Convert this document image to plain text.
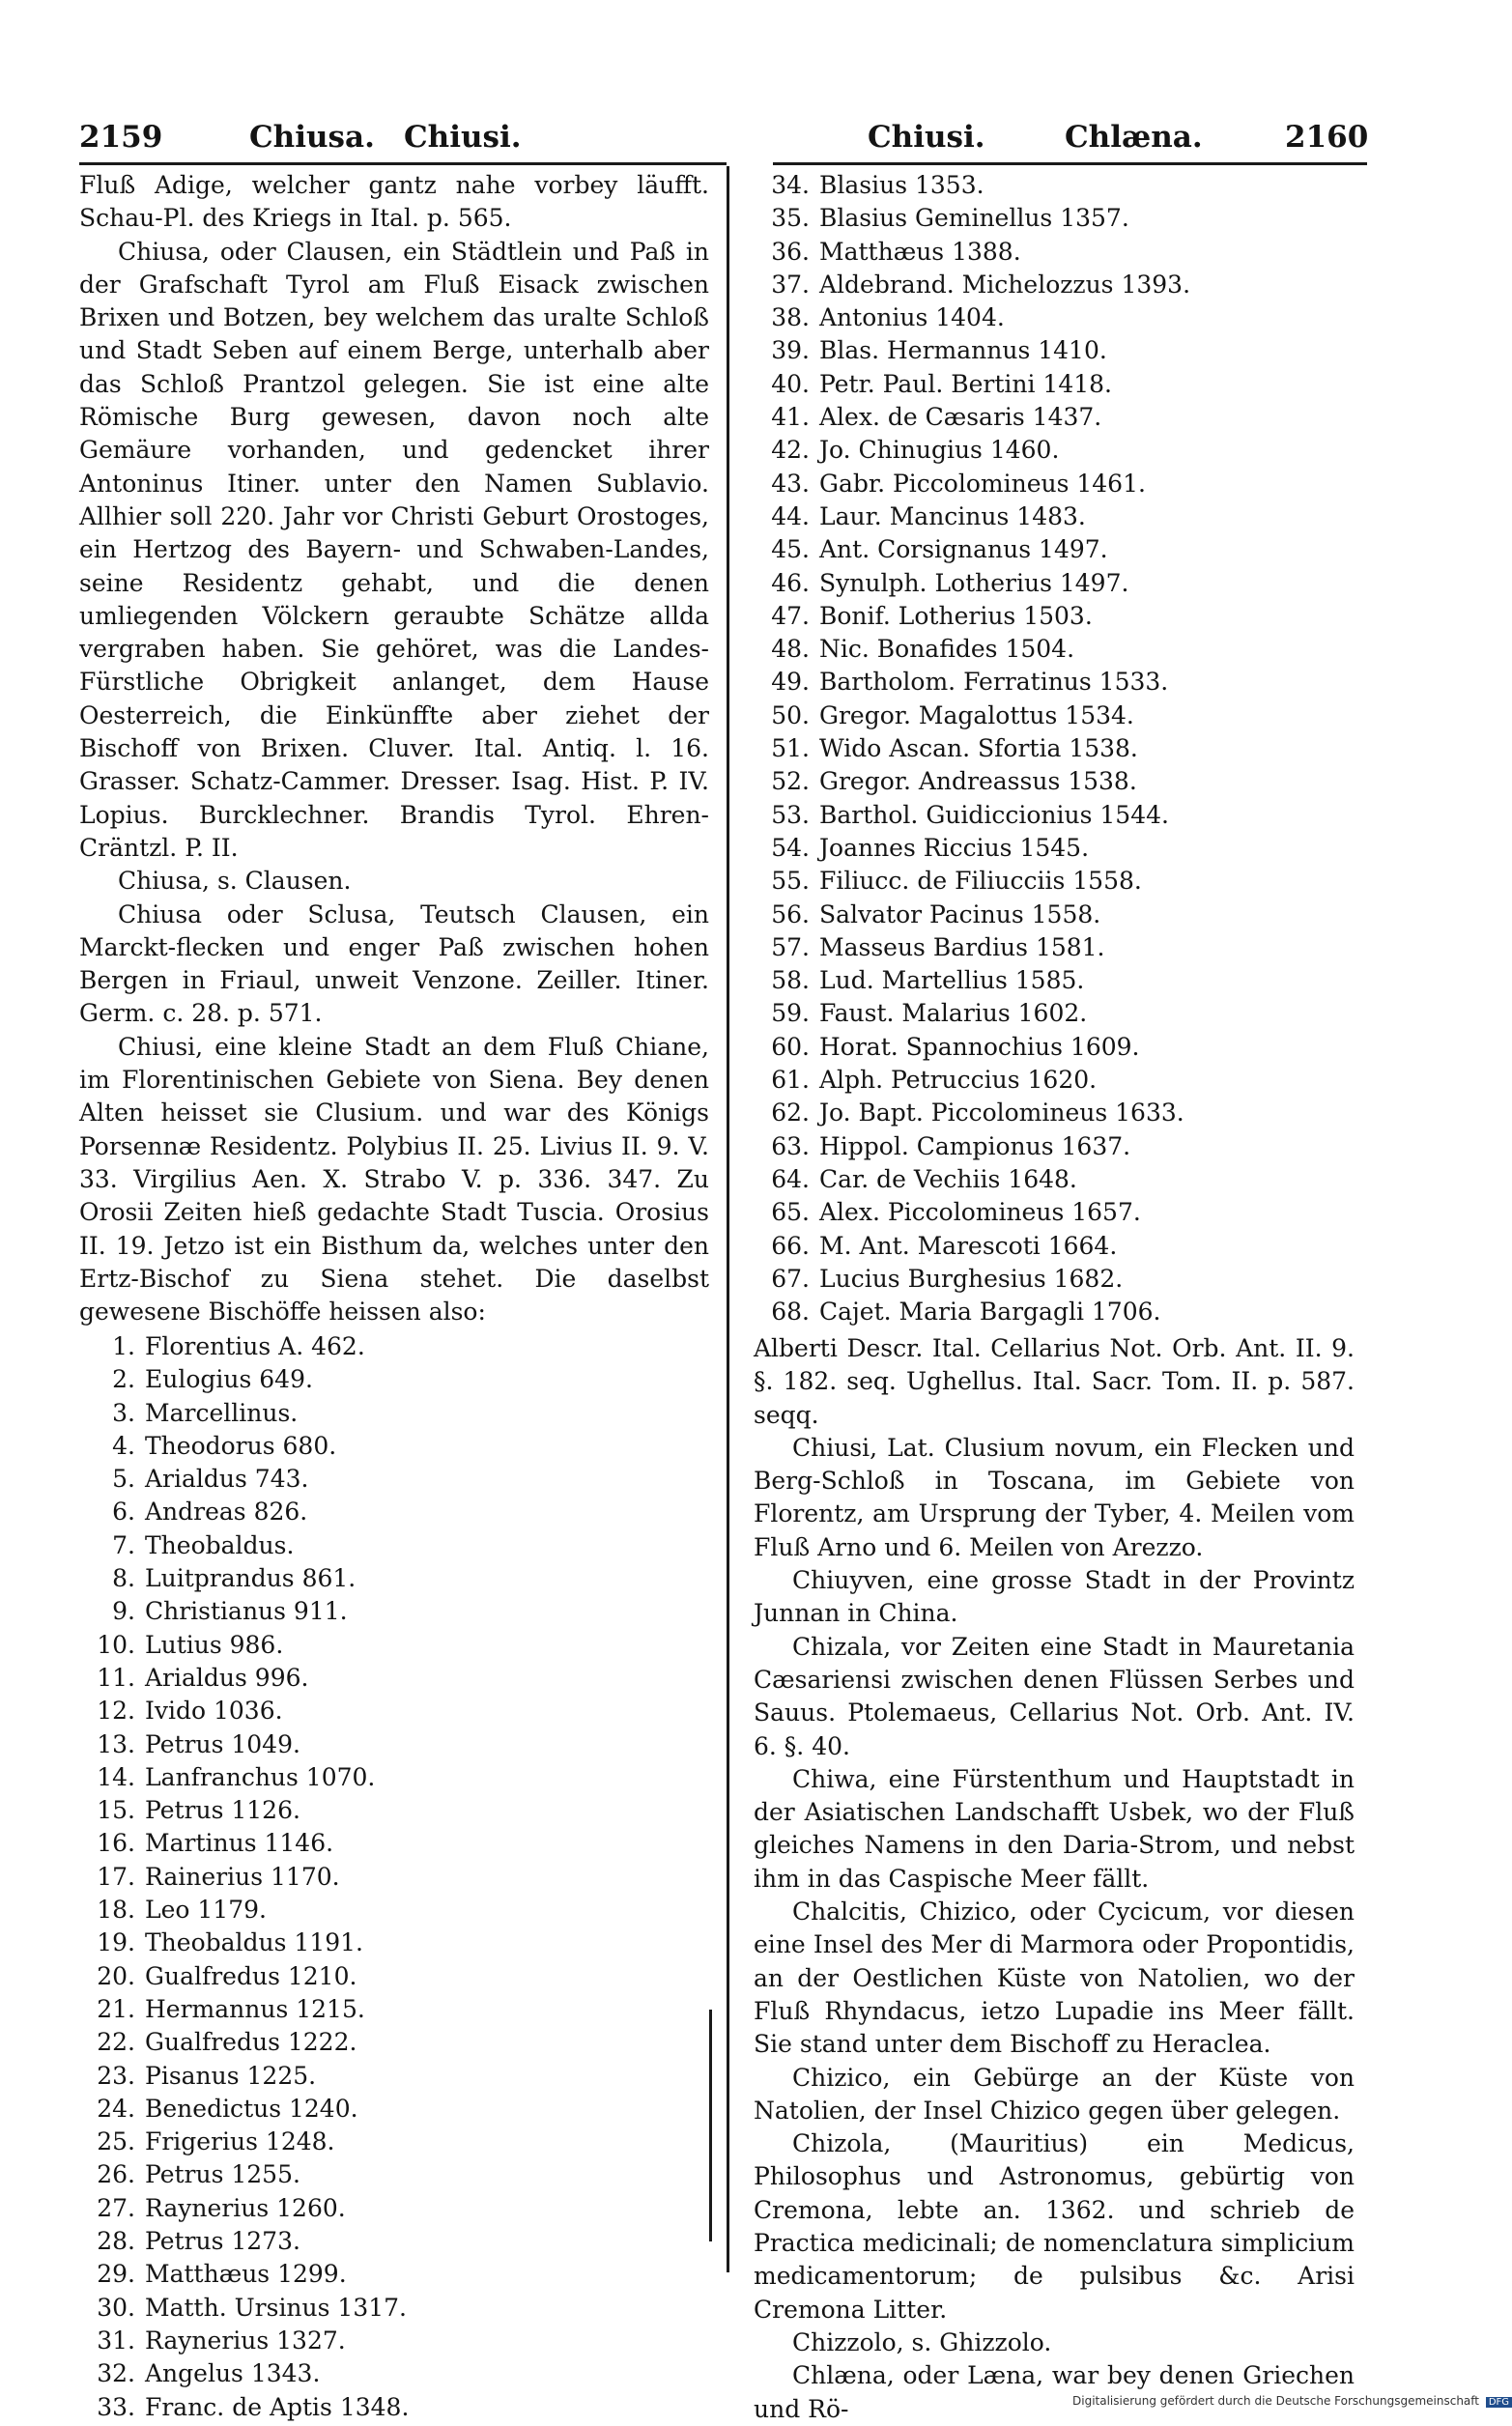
2159	Chiusa. Chiusi.	Chiusi.	Chlæna.	2160

Fluß Adige, welcher gantz nahe vorbey läufft. Schau-Pl. des Kriegs in Ital. p. 565.

Chiusa, oder Clausen, ein Städtlein und Paß in der Grafschaft Tyrol am Fluß Eisack zwischen Brixen und Botzen, bey welchem das uralte Schloß und Stadt Seben auf einem Berge, unterhalb aber das Schloß Prantzol gelegen. Sie ist eine alte Römische Burg gewesen, davon noch alte Gemäure vorhanden, und gedencket ihrer Antoninus Itiner. unter den Namen Sublavio. Allhier soll 220. Jahr vor Christi Geburt Orostoges, ein Hertzog des Bayern- und Schwaben-Landes, seine Residentz gehabt, und die denen umliegenden Völckern geraubte Schätze allda vergraben haben. Sie gehöret, was die Landes-Fürstliche Obrigkeit anlanget, dem Hause Oesterreich, die Einkünffte aber ziehet der Bischoff von Brixen. Cluver. Ital. Antiq. l. 16. Grasser. Schatz-Cammer. Dresser. Isag. Hist. P. IV. Lopius. Burcklechner. Brandis Tyrol. Ehren-Cräntzl. P. II.

Chiusa, s. Clausen.

Chiusa oder Sclusa, Teutsch Clausen, ein Marckt-flecken und enger Paß zwischen hohen Bergen in Friaul, unweit Venzone. Zeiller. Itiner. Germ. c. 28. p. 571.

Chiusi, eine kleine Stadt an dem Fluß Chiane, im Florentinischen Gebiete von Siena. Bey denen Alten heisset sie Clusium. und war des Königs Porsennæ Residentz. Polybius II. 25. Livius II. 9. V. 33. Virgilius Aen. X. Strabo V. p. 336. 347. Zu Orosii Zeiten hieß gedachte Stadt Tuscia. Orosius II. 19. Jetzo ist ein Bisthum da, welches unter den Ertz-Bischof zu Siena stehet. Die daselbst gewesene Bischöffe heissen also:

1. Florentius A. 462.
2. Eulogius 649.
3. Marcellinus.
4. Theodorus 680.
5. Arialdus 743.
6. Andreas 826.
7. Theobaldus.
8. Luitprandus 861.
9. Christianus 911.
10. Lutius 986.
11. Arialdus 996.
12. Ivido 1036.
13. Petrus 1049.
14. Lanfranchus 1070.
15. Petrus 1126.
16. Martinus 1146.
17. Rainerius 1170.
18. Leo 1179.
19. Theobaldus 1191.
20. Gualfredus 1210.
21. Hermannus 1215.
22. Gualfredus 1222.
23. Pisanus 1225.
24. Benedictus 1240.
25. Frigerius 1248.
26. Petrus 1255.
27. Raynerius 1260.
28. Petrus 1273.
29. Matthæus 1299.
30. Matth. Ursinus 1317.
31. Raynerius 1327.
32. Angelus 1343.
33. Franc. de Aptis 1348.
34. Blasius 1353.
35. Blasius Geminellus 1357.
36. Matthæus 1388.
37. Aldebrand. Michelozzus 1393.
38. Antonius 1404.
39. Blas. Hermannus 1410.
40. Petr. Paul. Bertini 1418.
41. Alex. de Cæsaris 1437.
42. Jo. Chinugius 1460.
43. Gabr. Piccolomineus 1461.
44. Laur. Mancinus 1483.
45. Ant. Corsignanus 1497.
46. Synulph. Lotherius 1497.
47. Bonif. Lotherius 1503.
48. Nic. Bonafides 1504.
49. Bartholom. Ferratinus 1533.
50. Gregor. Magalottus 1534.
51. Wido Ascan. Sfortia 1538.
52. Gregor. Andreassus 1538.
53. Barthol. Guidiccionius 1544.
54. Joannes Riccius 1545.
55. Filiucc. de Filiucciis 1558.
56. Salvator Pacinus 1558.
57. Masseus Bardius 1581.
58. Lud. Martellius 1585.
59. Faust. Malarius 1602.
60. Horat. Spannochius 1609.
61. Alph. Petruccius 1620.
62. Jo. Bapt. Piccolomineus 1633.
63. Hippol. Campionus 1637.
64. Car. de Vechiis 1648.
65. Alex. Piccolomineus 1657.
66. M. Ant. Marescoti 1664.
67. Lucius Burghesius 1682.
68. Cajet. Maria Bargagli 1706.

Alberti Descr. Ital. Cellarius Not. Orb. Ant. II. 9. §. 182. seq. Ughellus. Ital. Sacr. Tom. II. p. 587. seqq.

Chiusi, Lat. Clusium novum, ein Flecken und Berg-Schloß in Toscana, im Gebiete von Florentz, am Ursprung der Tyber, 4. Meilen vom Fluß Arno und 6. Meilen von Arezzo.

Chiuyven, eine grosse Stadt in der Provintz Junnan in China.

Chizala, vor Zeiten eine Stadt in Mauretania Cæsariensi zwischen denen Flüssen Serbes und Sauus. Ptolemaeus, Cellarius Not. Orb. Ant. IV. 6. §. 40.

Chiwa, eine Fürstenthum und Hauptstadt in der Asiatischen Landschafft Usbek, wo der Fluß gleiches Namens in den Daria-Strom, und nebst ihm in das Caspische Meer fällt.

Chalcitis, Chizico, oder Cycicum, vor diesen eine Insel des Mer di Marmora oder Propontidis, an der Oestlichen Küste von Natolien, wo der Fluß Rhyndacus, ietzo Lupadie ins Meer fällt. Sie stand unter dem Bischoff zu Heraclea.

Chizico, ein Gebürge an der Küste von Natolien, der Insel Chizico gegen über gelegen.

Chizola, (Mauritius) ein Medicus, Philosophus und Astronomus, gebürtig von Cremona, lebte an. 1362. und schrieb de Practica medicinali; de nomenclatura simplicium medicamentorum; de pulsibus &c. Arisi Cremona Litter.

Chizzolo, s. Ghizzolo.

Chlæna, oder Læna, war bey denen Griechen und Rö-	Digitalisierung gefördert durch die Deutsche Forschungsgemeinschaft DFG
